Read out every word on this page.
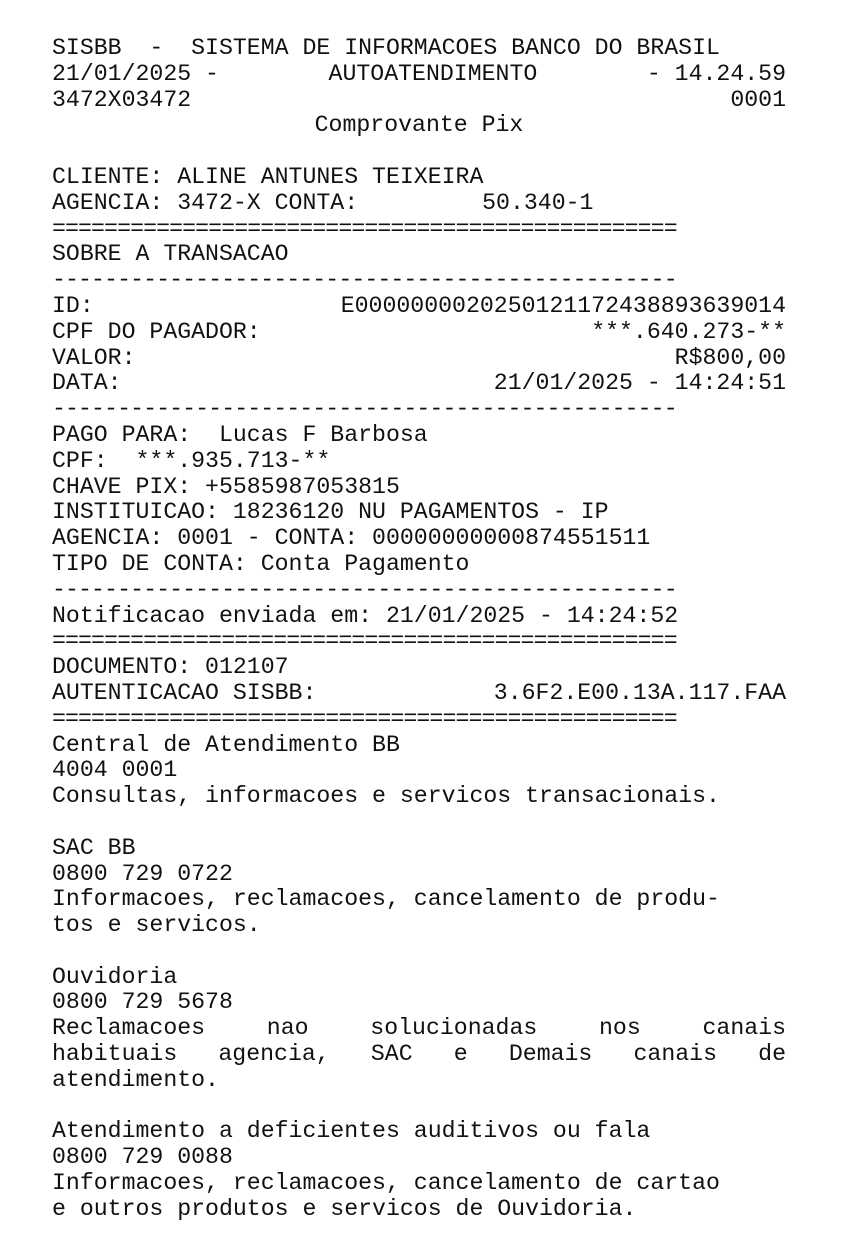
SISBB  -  SISTEMA DE INFORMACOES BANCO DO BRASIL
21/01/2025 -	AUTOATENDIMENTO	- 14.24.59
3472X03472	0001
Comprovante Pix
CLIENTE: ALINE ANTUNES TEIXEIRA
AGENCIA: 3472-X CONTA:	50.340-1
================================================
SOBRE A TRANSACAO
------------------------------------------------
ID:	E0000000020250121172438893639014
CPF DO PAGADOR:	***.640.273-**
VALOR:	R$800,00
DATA:	21/01/2025 - 14:24:51
------------------------------------------------
PAGO PARA:  Lucas F Barbosa
CPF:  ***.935.713-**
CHAVE PIX: +5585987053815
INSTITUICAO: 18236120 NU PAGAMENTOS - IP
AGENCIA: 0001 - CONTA: 00000000000874551511
TIPO DE CONTA: Conta Pagamento
------------------------------------------------
Notificacao enviada em: 21/01/2025 - 14:24:52
================================================
DOCUMENTO: 012107
AUTENTICACAO SISBB:	3.6F2.E00.13A.117.FAA
================================================
Central de Atendimento BB
4004 0001
Consultas, informacoes e servicos transacionais.
SAC BB
0800 729 0722
Informacoes, reclamacoes, cancelamento de produ-
tos e servicos.
Ouvidoria
0800 729 5678
Reclamacoes nao solucionadas nos canais
habituais agencia, SAC e Demais canais de
atendimento.
Atendimento a deficientes auditivos ou fala
0800 729 0088
Informacoes, reclamacoes, cancelamento de cartao
e outros produtos e servicos de Ouvidoria.
